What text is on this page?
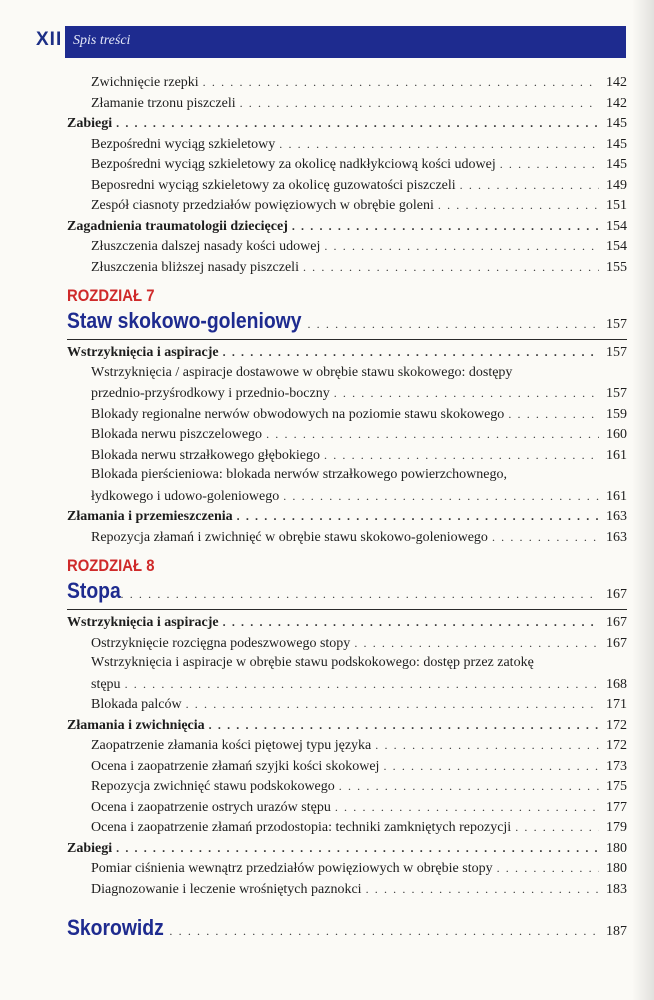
XII Spis treści
Zwichnięcie rzepki . . .	142
Złamanie trzonu piszczeli . . .	142
Zabiegi . . .	145
Bezpośredni wyciąg szkieletowy . . .	145
Bezpośredni wyciąg szkieletowy za okolicę nadkłykciową kości udowej . . .	145
Beposredni wyciąg szkieletowy za okolicę guzowatości piszczeli . . .	149
Zespół ciasnoty przedziałów powięziowych w obrębie goleni . . .	151
Zagadnienia traumatologii dziecięcej . . .	154
Złuszczenia dalszej nasady kości udowej . . .	154
Złuszczenia bliższej nasady piszczeli . . .	155
ROZDZIAŁ 7
Staw skokowo-goleniowy . . .	157
Wstrzyknięcia i aspiracje . . .	157
Wstrzyknięcia / aspiracje dostawowe w obrębie stawu skokowego: dostępy
przednio-przyśrodkowy i przednio-boczny . . .	157
Blokady regionalne nerwów obwodowych na poziomie stawu skokowego . . .	159
Blokada nerwu piszczelowego . . .	160
Blokada nerwu strzałkowego głębokiego . . .	161
Blokada pierścieniowa: blokada nerwów strzałkowego powierzchownego,
łydkowego i udowo-goleniowego . . .	161
Złamania i przemieszczenia . . .	163
Repozycja złamań i zwichnięć w obrębie stawu skokowo-goleniowego . . .	163
ROZDZIAŁ 8
Stopa . . .	167
Wstrzyknięcia i aspiracje . . .	167
Ostrzyknięcie rozcięgna podeszwowego stopy . . .	167
Wstrzyknięcia i aspiracje w obrębie stawu podskokowego: dostęp przez zatokę
stępu . . .	168
Blokada palców . . .	171
Złamania i zwichnięcia . . .	172
Zaopatrzenie złamania kości piętowej typu języka . . .	172
Ocena i zaopatrzenie złamań szyjki kości skokowej . . .	173
Repozycja zwichnięć stawu podskokowego . . .	175
Ocena i zaopatrzenie ostrych urazów stępu . . .	177
Ocena i zaopatrzenie złamań przodostopia: techniki zamkniętych repozycji . . .	179
Zabiegi . . .	180
Pomiar ciśnienia wewnątrz przedziałów powięziowych w obrębie stopy . . .	180
Diagnozowanie i leczenie wrośniętych paznokci . . .	183
Skorowidz . . .	187
